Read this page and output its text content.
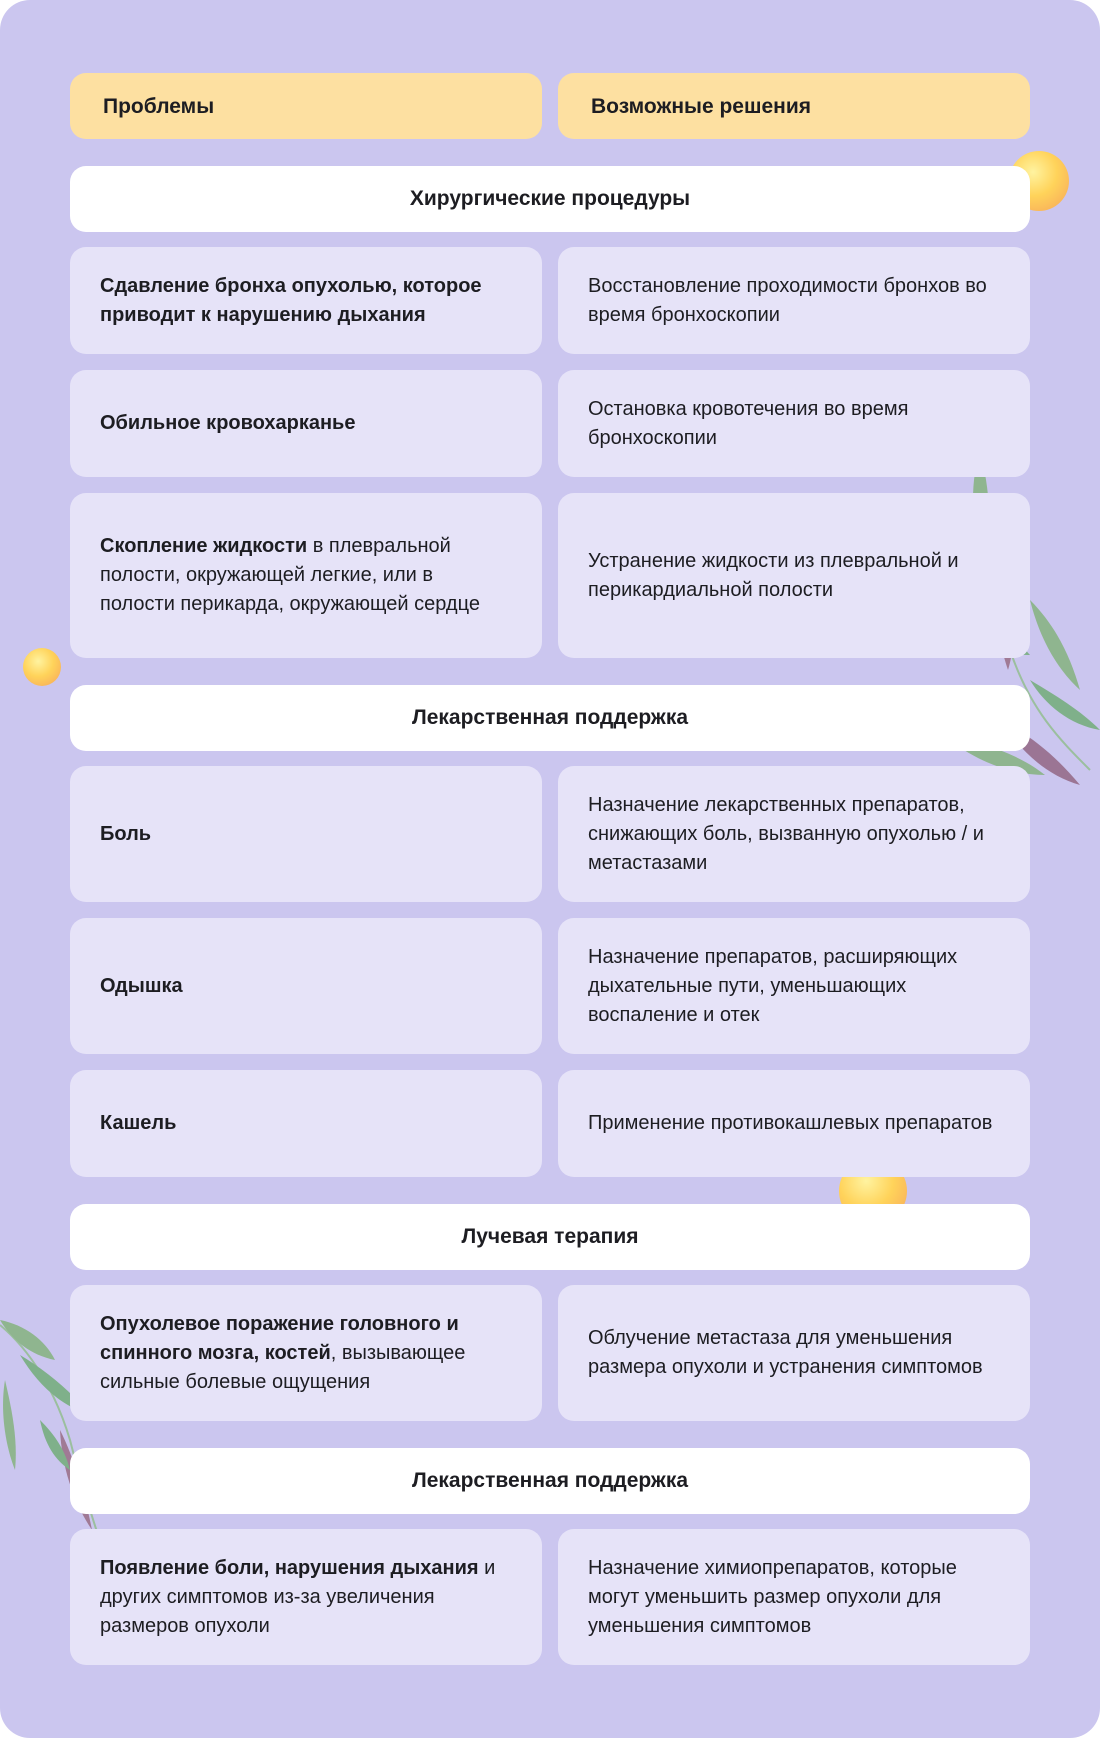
Проблемы	Возможные решения
Хирургические процедуры
Сдавление бронха опухолью, которое приводит к нарушению дыхания
Восстановление проходимости бронхов во время бронхоскопии
Обильное кровохарканье
Остановка кровотечения во время бронхоскопии
Скопление жидкости в плевральной полости, окружающей легкие, или в полости перикарда, окружающей сердце
Устранение жидкости из плевральной и перикардиальной полости
Лекарственная поддержка
Боль
Назначение лекарственных препаратов, снижающих боль, вызванную опухолью / и метастазами
Одышка
Назначение препаратов, расширяющих дыхательные пути, уменьшающих воспаление и отек
Кашель	Применение противокашлевых препаратов
Лучевая терапия
Опухолевое поражение головного и спинного мозга, костей, вызывающее сильные болевые ощущения
Облучение метастаза для уменьшения размера опухоли и устранения симптомов
Лекарственная поддержка
Появление боли, нарушения дыхания и других симптомов из-за увеличения размеров опухоли
Назначение химиопрепаратов, которые могут уменьшить размер опухоли для уменьшения симптомов
